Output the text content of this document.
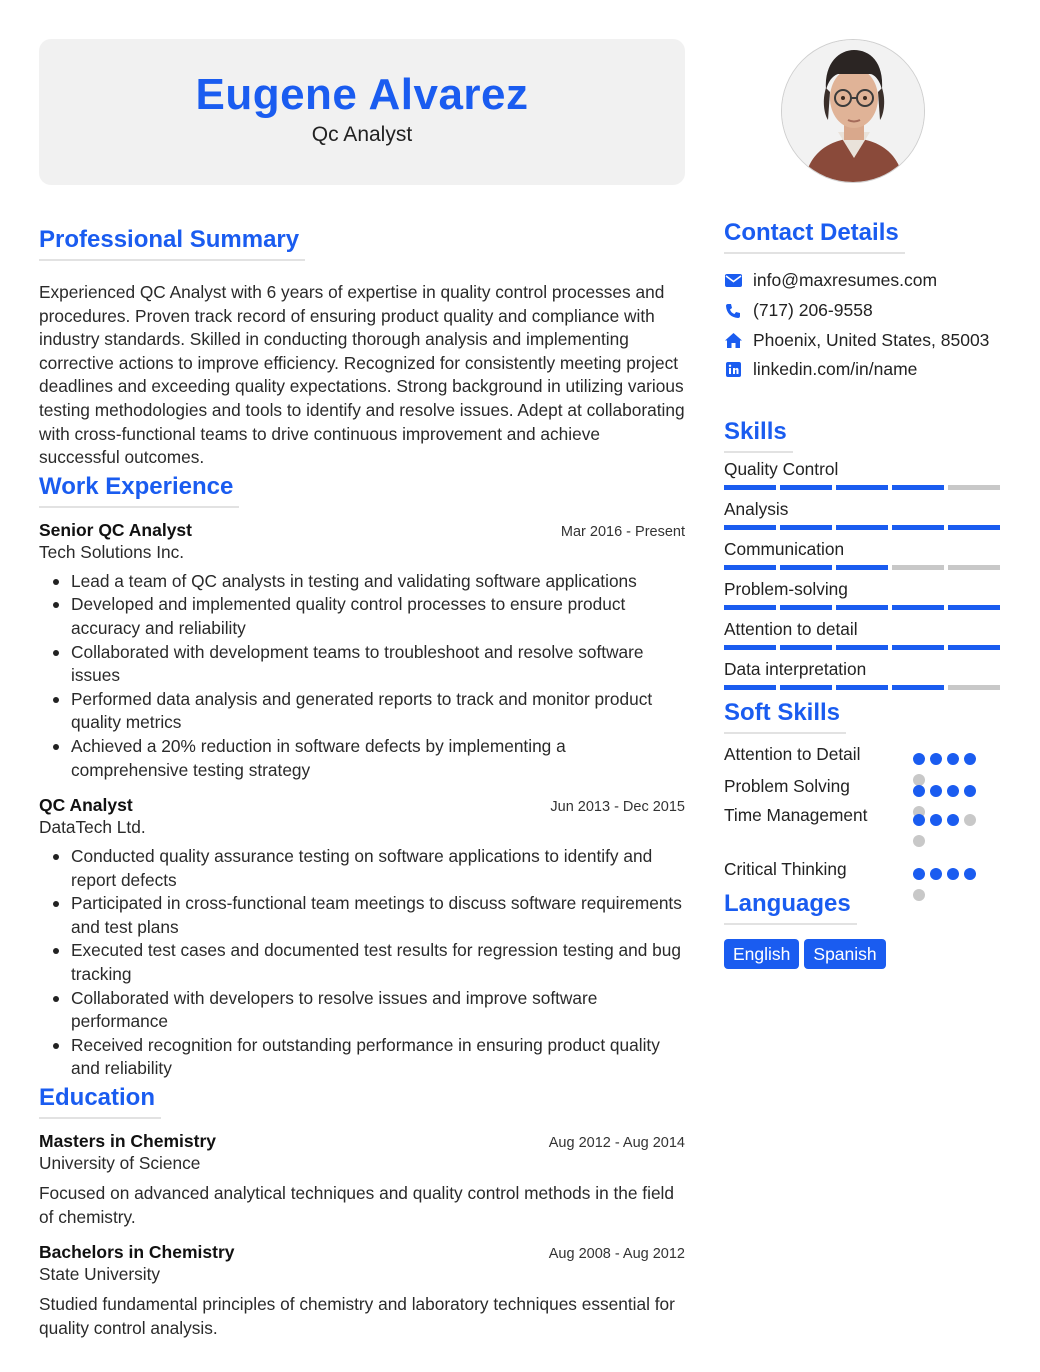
Eugene Alvarez
Qc Analyst
Professional Summary

Experienced QC Analyst with 6 years of expertise in quality control processes and procedures. Proven track record of ensuring product quality and compliance with industry standards. Skilled in conducting thorough analysis and implementing corrective actions to improve efficiency. Recognized for consistently meeting project deadlines and exceeding quality expectations. Strong background in utilizing various testing methodologies and tools to identify and resolve issues. Adept at collaborating with cross-functional teams to drive continuous improvement and achieve successful outcomes.

Work Experience
Senior QC Analyst	Mar 2016 - Present
Tech Solutions Inc.
Lead a team of QC analysts in testing and validating software applications
Developed and implemented quality control processes to ensure product accuracy and reliability
Collaborated with development teams to troubleshoot and resolve software issues
Performed data analysis and generated reports to track and monitor product quality metrics
Achieved a 20% reduction in software defects by implementing a comprehensive testing strategy
QC Analyst	Jun 2013 - Dec 2015
DataTech Ltd.
Conducted quality assurance testing on software applications to identify and report defects
Participated in cross-functional team meetings to discuss software requirements and test plans
Executed test cases and documented test results for regression testing and bug tracking
Collaborated with developers to resolve issues and improve software performance
Received recognition for outstanding performance in ensuring product quality and reliability
Education
Masters in Chemistry	Aug 2012 - Aug 2014
University of Science

Focused on advanced analytical techniques and quality control methods in the field of chemistry.

Bachelors in Chemistry	Aug 2008 - Aug 2012
State University

Studied fundamental principles of chemistry and laboratory techniques essential for quality control analysis.

Contact Details
info@maxresumes.com
(717) 206-9558
Phoenix, United States, 85003
linkedin.com/in/name
Skills
Quality Control
Analysis
Communication
Problem-solving
Attention to detail
Data interpretation
Soft Skills
Attention to Detail
Problem Solving
Time Management
Critical Thinking
Languages
English	Spanish
